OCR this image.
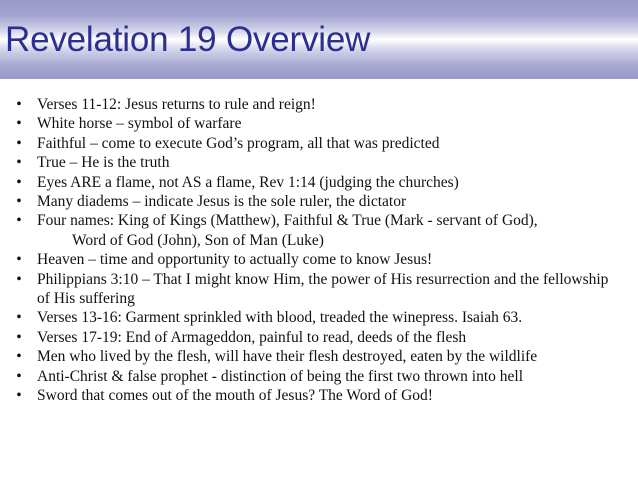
Revelation 19 Overview
• Verses 11-12: Jesus returns to rule and reign!
• White horse – symbol of warfare
• Faithful – come to execute God’s program, all that was predicted
• True – He is the truth
• Eyes ARE a flame, not AS a flame, Rev 1:14 (judging the churches)
• Many diadems – indicate Jesus is the sole ruler, the dictator
• Four names: King of Kings (Matthew), Faithful & True (Mark - servant of God),
Word of God (John), Son of Man (Luke)
• Heaven – time and opportunity to actually come to know Jesus!
• Philippians 3:10 – That I might know Him, the power of His resurrection and the fellowship
of His suffering
• Verses 13-16: Garment sprinkled with blood, treaded the winepress. Isaiah 63.
• Verses 17-19: End of Armageddon, painful to read, deeds of the flesh
• Men who lived by the flesh, will have their flesh destroyed, eaten by the wildlife
• Anti-Christ & false prophet - distinction of being the first two thrown into hell
• Sword that comes out of the mouth of Jesus? The Word of God!
